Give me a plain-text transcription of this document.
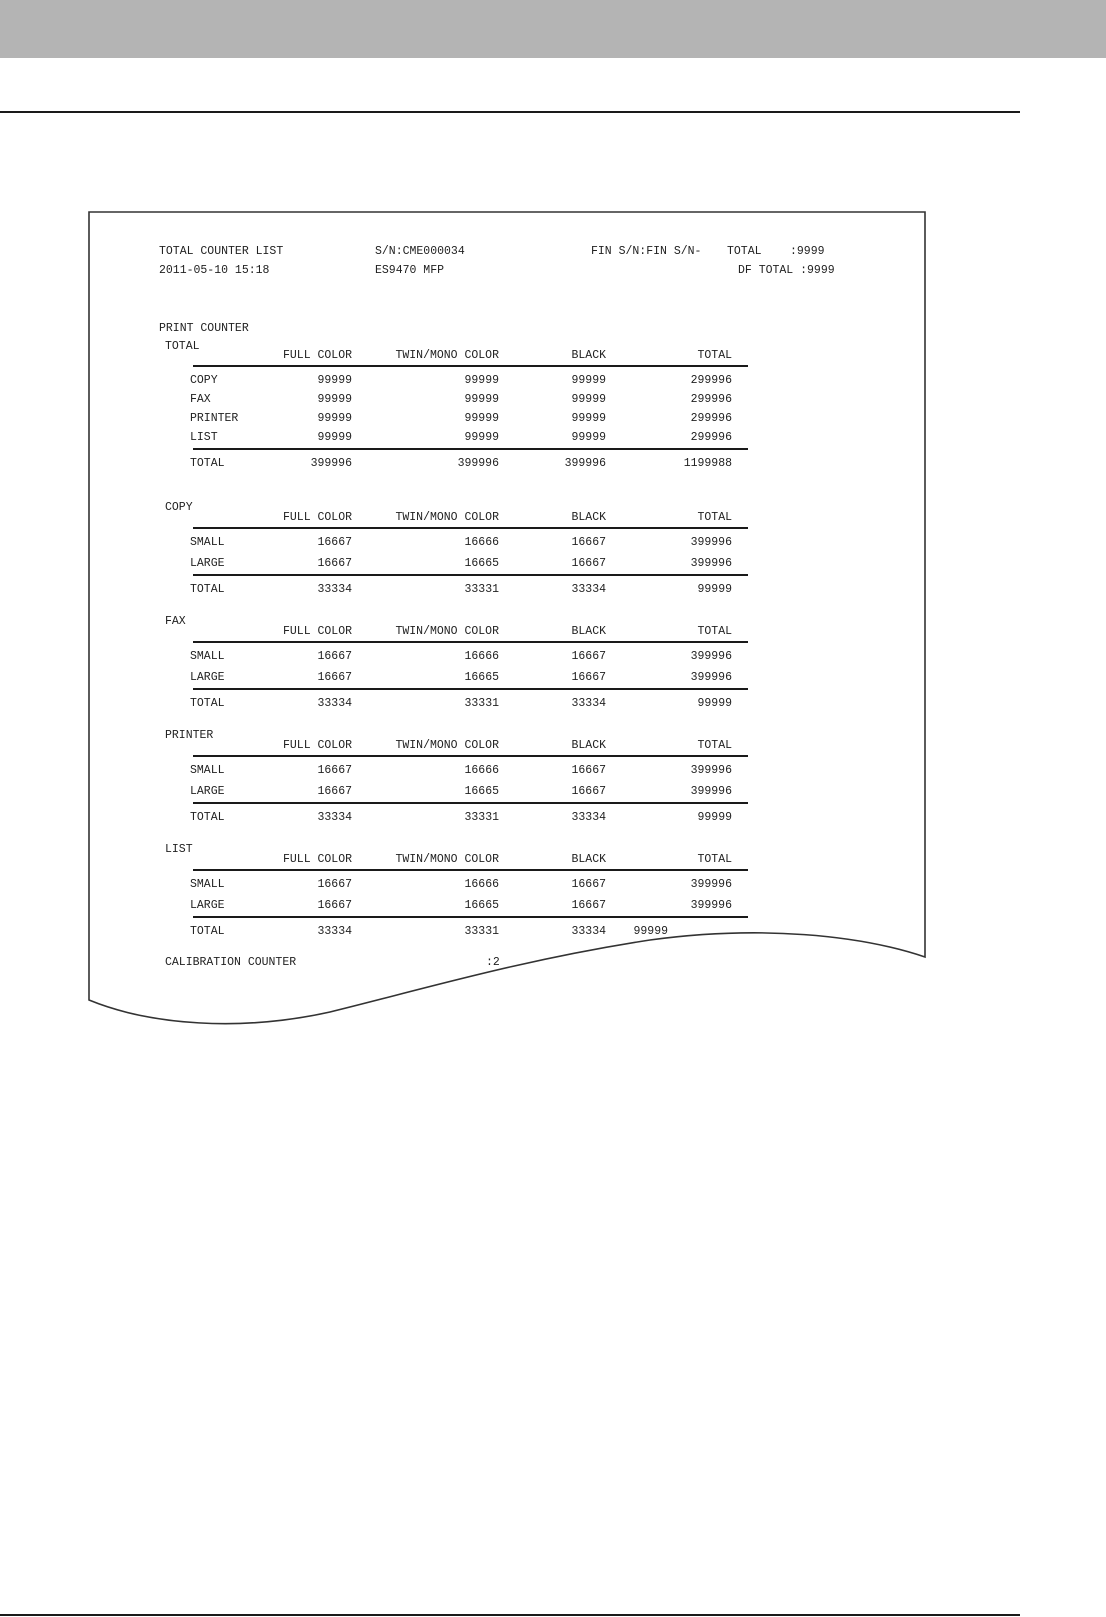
TOTAL COUNTER LIST
2011-05-10 15:18
S/N:CME000034
ES9470 MFP
FIN S/N:FIN S/N- TOTAL :9999
DF TOTAL :9999
PRINT COUNTER
TOTAL
FULL COLOR	TWIN/MONO COLOR	BLACK	TOTAL
COPY	99999	99999	99999	299996
FAX	99999	99999	99999	299996
PRINTER	99999	99999	99999	299996
LIST	99999	99999	99999	299996
TOTAL	399996	399996	399996	1199988
COPY
FULL COLOR	TWIN/MONO COLOR	BLACK	TOTAL
SMALL	16667	16666	16667	399996
LARGE	16667	16665	16667	399996
TOTAL	33334	33331	33334	99999
FAX
FULL COLOR	TWIN/MONO COLOR	BLACK	TOTAL
SMALL	16667	16666	16667	399996
LARGE	16667	16665	16667	399996
TOTAL	33334	33331	33334	99999
PRINTER
FULL COLOR	TWIN/MONO COLOR	BLACK	TOTAL
SMALL	16667	16666	16667	399996
LARGE	16667	16665	16667	399996
TOTAL	33334	33331	33334	99999
LIST
FULL COLOR	TWIN/MONO COLOR	BLACK	TOTAL
SMALL	16667	16666	16667	399996
LARGE	16667	16665	16667	399996
TOTAL	33334	33331	33334	99999
CALIBRATION COUNTER	:2
